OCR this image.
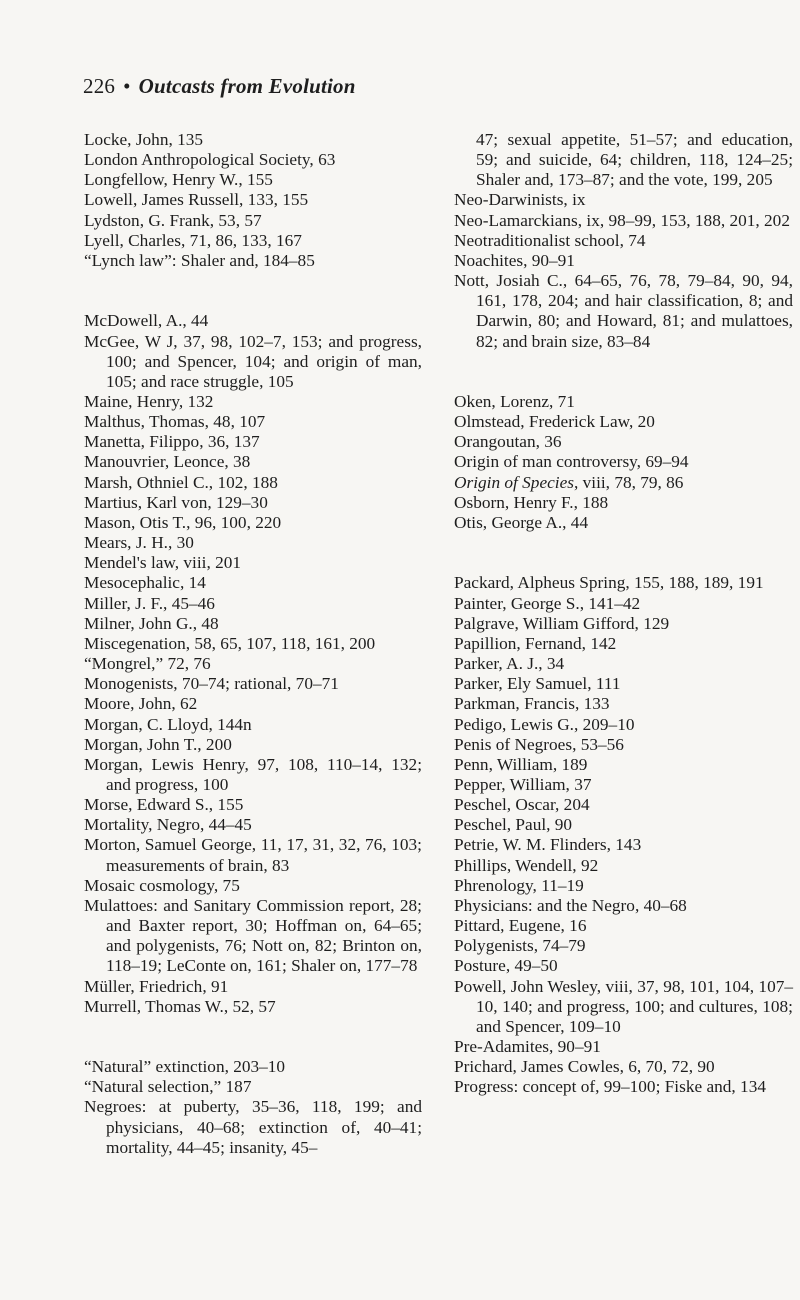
226 • Outcasts from Evolution
Locke, John, 135
London Anthropological Society, 63
Longfellow, Henry W., 155
Lowell, James Russell, 133, 155
Lydston, G. Frank, 53, 57
Lyell, Charles, 71, 86, 133, 167
“Lynch law”: Shaler and, 184–85
McDowell, A., 44
McGee, W J, 37, 98, 102–7, 153; and progress, 100; and Spencer, 104; and origin of man, 105; and race struggle, 105
Maine, Henry, 132
Malthus, Thomas, 48, 107
Manetta, Filippo, 36, 137
Manouvrier, Leonce, 38
Marsh, Othniel C., 102, 188
Martius, Karl von, 129–30
Mason, Otis T., 96, 100, 220
Mears, J. H., 30
Mendel's law, viii, 201
Mesocephalic, 14
Miller, J. F., 45–46
Milner, John G., 48
Miscegenation, 58, 65, 107, 118, 161, 200
“Mongrel,” 72, 76
Monogenists, 70–74; rational, 70–71
Moore, John, 62
Morgan, C. Lloyd, 144n
Morgan, John T., 200
Morgan, Lewis Henry, 97, 108, 110–14, 132; and progress, 100
Morse, Edward S., 155
Mortality, Negro, 44–45
Morton, Samuel George, 11, 17, 31, 32, 76, 103; measurements of brain, 83
Mosaic cosmology, 75
Mulattoes: and Sanitary Commission report, 28; and Baxter report, 30; Hoffman on, 64–65; and polygenists, 76; Nott on, 82; Brinton on, 118–19; LeConte on, 161; Shaler on, 177–78
Müller, Friedrich, 91
Murrell, Thomas W., 52, 57
“Natural” extinction, 203–10
“Natural selection,” 187
Negroes: at puberty, 35–36, 118, 199; and physicians, 40–68; extinction of, 40–41; mortality, 44–45; insanity, 45–
47; sexual appetite, 51–57; and education, 59; and suicide, 64; children, 118, 124–25; Shaler and, 173–87; and the vote, 199, 205
Neo-Darwinists, ix
Neo-Lamarckians, ix, 98–99, 153, 188, 201, 202
Neotraditionalist school, 74
Noachites, 90–91
Nott, Josiah C., 64–65, 76, 78, 79–84, 90, 94, 161, 178, 204; and hair classification, 8; and Darwin, 80; and Howard, 81; and mulattoes, 82; and brain size, 83–84
Oken, Lorenz, 71
Olmstead, Frederick Law, 20
Orangoutan, 36
Origin of man controversy, 69–94
Origin of Species, viii, 78, 79, 86
Osborn, Henry F., 188
Otis, George A., 44
Packard, Alpheus Spring, 155, 188, 189, 191
Painter, George S., 141–42
Palgrave, William Gifford, 129
Papillion, Fernand, 142
Parker, A. J., 34
Parker, Ely Samuel, 111
Parkman, Francis, 133
Pedigo, Lewis G., 209–10
Penis of Negroes, 53–56
Penn, William, 189
Pepper, William, 37
Peschel, Oscar, 204
Peschel, Paul, 90
Petrie, W. M. Flinders, 143
Phillips, Wendell, 92
Phrenology, 11–19
Physicians: and the Negro, 40–68
Pittard, Eugene, 16
Polygenists, 74–79
Posture, 49–50
Powell, John Wesley, viii, 37, 98, 101, 104, 107–10, 140; and progress, 100; and cultures, 108; and Spencer, 109–10
Pre-Adamites, 90–91
Prichard, James Cowles, 6, 70, 72, 90
Progress: concept of, 99–100; Fiske and, 134
